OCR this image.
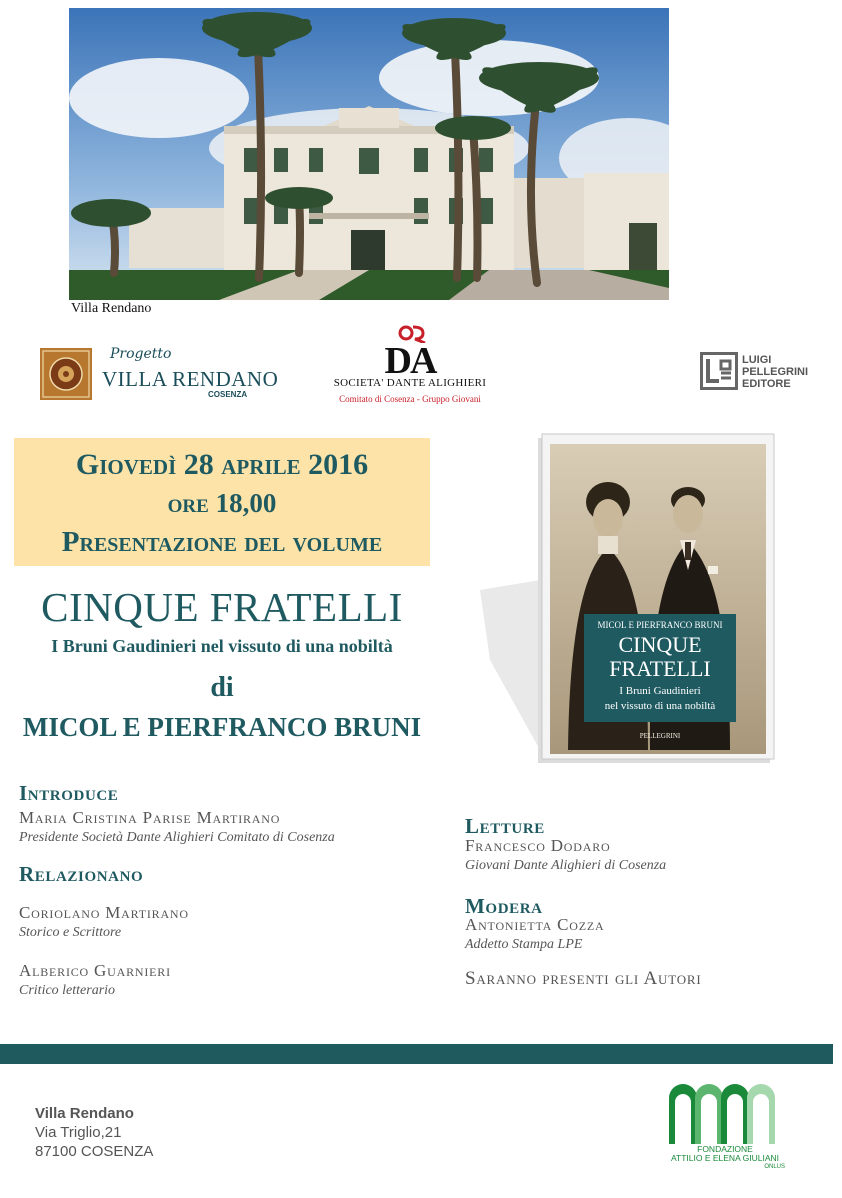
Villa Rendano
Progetto
VILLA RENDANO
COSENZA
DA
SOCIETA' DANTE ALIGHIERI
Comitato di Cosenza - Gruppo Giovani
LUIGI
PELLEGRINI
EDITORE
Giovedì 28 aprile 2016
ore 18,00
Presentazione del volume
CINQUE FRATELLI
I Bruni Gaudinieri nel vissuto di una nobiltà
di
MICOL E PIERFRANCO BRUNI
MICOL E PIERFRANCO BRUNI
CINQUE
FRATELLI
I Bruni Gaudinieri
nel vissuto di una nobiltà
PELLEGRINI
Introduce
Maria Cristina Parise Martirano
Presidente Società Dante Alighieri Comitato di Cosenza
Relazionano
Coriolano Martirano
Storico e Scrittore
Alberico Guarnieri
Critico letterario
Letture
Francesco Dodaro
Giovani Dante Alighieri di Cosenza
Modera
Antonietta Cozza
Addetto Stampa LPE
Saranno presenti gli Autori
Villa Rendano
Via Triglio,21
87100 COSENZA	FONDAZIONE
ATTILIO E ELENA GIULIANI
ONLUS
